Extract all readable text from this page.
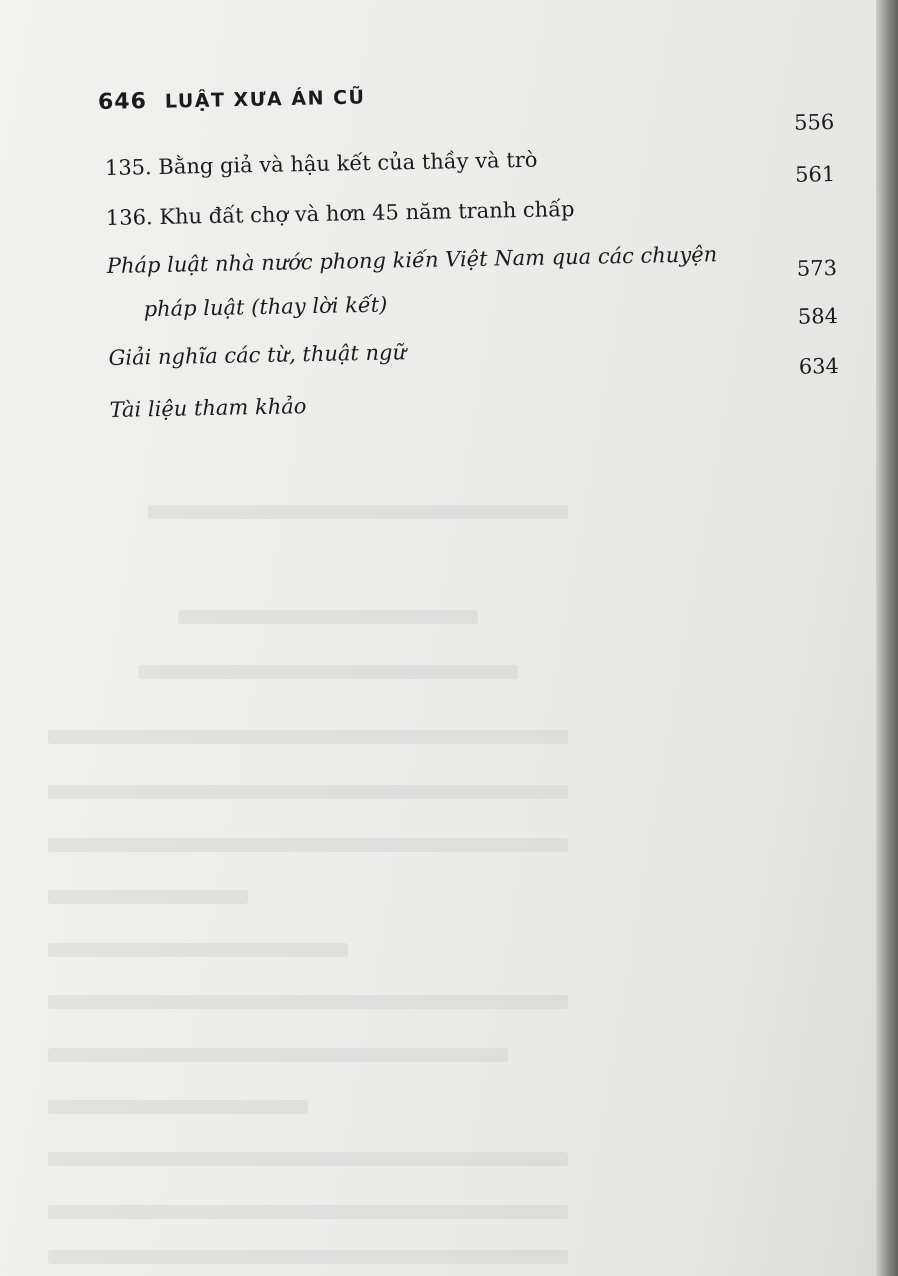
646 LUẬT XƯA ÁN CŨ
556
135. Bằng giả và hậu kết của thầy và trò	561
136. Khu đất chợ và hơn 45 năm tranh chấp
Pháp luật nhà nước phong kiến Việt Nam qua các chuyện	573
pháp luật (thay lời kết)	584
Giải nghĩa các từ, thuật ngữ	634
Tài liệu tham khảo
